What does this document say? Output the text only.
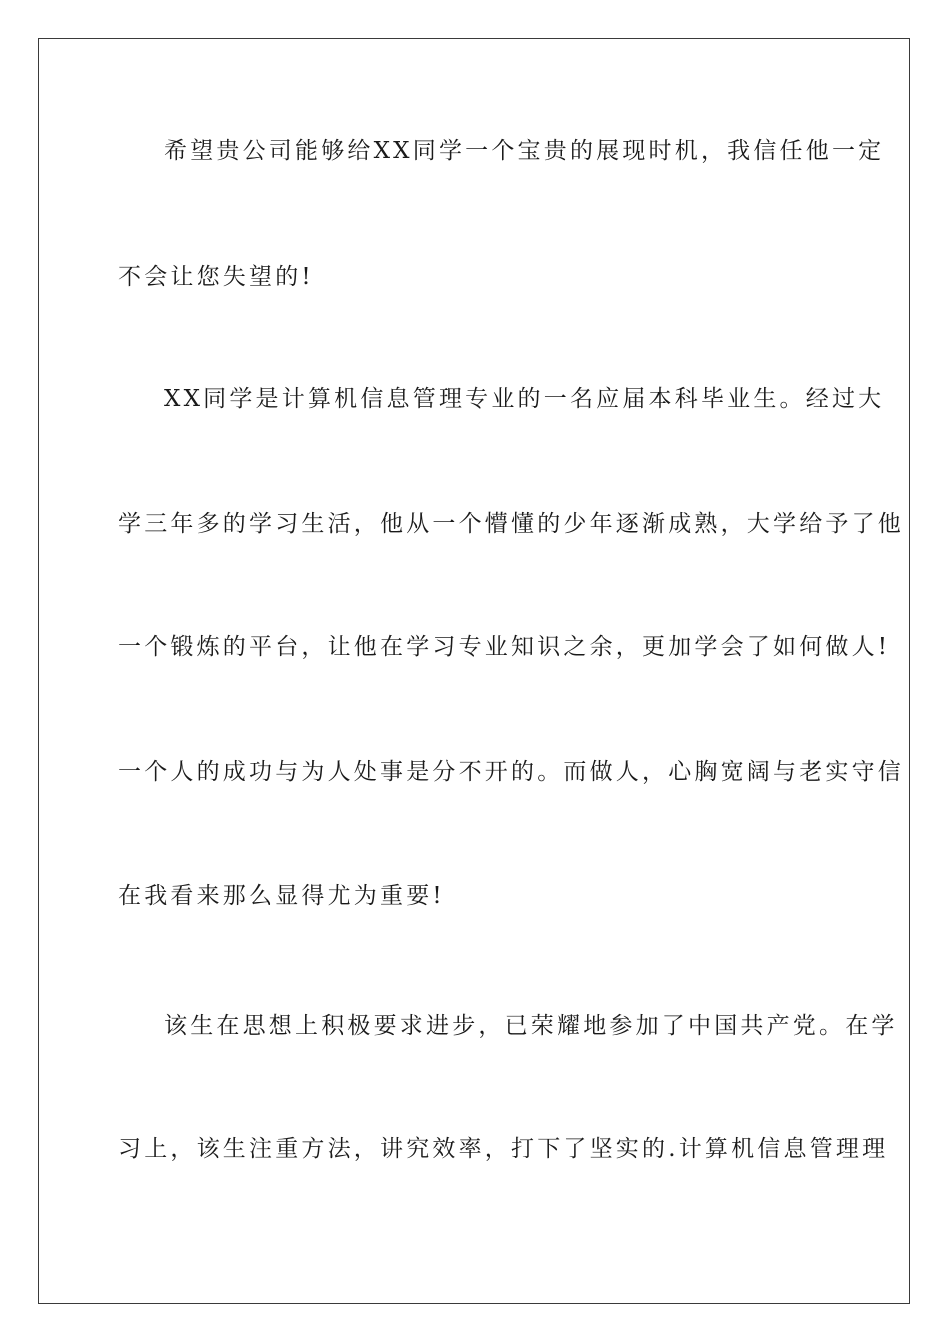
希望贵公司能够给XX同学一个宝贵的展现时机，我信任他一定
不会让您失望的!
XX同学是计算机信息管理专业的一名应届本科毕业生。经过大
学三年多的学习生活，他从一个懵懂的少年逐渐成熟，大学给予了他
一个锻炼的平台，让他在学习专业知识之余，更加学会了如何做人!
一个人的成功与为人处事是分不开的。而做人，心胸宽阔与老实守信
在我看来那么显得尤为重要!
该生在思想上积极要求进步，已荣耀地参加了中国共产党。在学
习上，该生注重方法，讲究效率，打下了坚实的.计算机信息管理理
